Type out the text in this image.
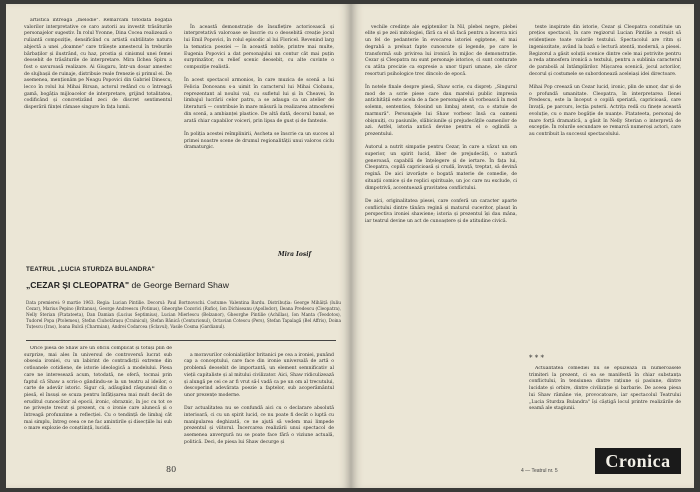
artistică întreaga „melodie". Remarcăm totodată bogăția valorilor interpretative ce caro autorii au investit trăsăturile personajelor sugestiv. În rolul Yvonne, Dina Cocea realizează o ruliantă compoziție, densificând cu artistă subtilitate natura abjectă a unei „doamne" care trăiește amestecul în treburile bărbaților și ilustrând, cu haz, prostia și cinismul unei femei deosebit de trăsăturile de interpretare. Mira Ilchea Spiru a fost o savuroasă realizare. Ai Giugaru, într-un dosar amestec de slujbașii de ruinaje, distribuie reale frenezie și primul ei. De asemenea, menționăm pe Neagu Popovici din Gabriel Dinescu, lecco în rolul lui Mihai Birsan, actorul redând cu o întreagă gamă, bogăția mijloacelor de interpretare, grijind totalitatea, codificând și concretizând zeci de discret sentimentul disperării ființei rămase singure în fața lumii.

În această demonstrație de însuflețire actoricească și interpretativă valoroase se înscrie cu o deosebită creație jocul lui Emil Popovici, în rolul episodic al lui Floricel. Revenind larg la tematica poeziei — în această noble, printre mai multe, Eugenia Popovici a dat personajului un contur cât mai puțin surprinzător, cu relief scenic deosebit, cu alte cuvinte o compoziție realistă.

În acest spectacol armonios, în care muzica de scenă a lui Felicia Donceanu s-a uimit în caracterul lui Mihai Ciobanu, reprezentant al noului val, cu sufletul lui și în Cheavei, în limbajul lucrării celor patru, a se adauga ca un atelier de literatură — contribuie în mare măsură la realizarea atmosferei din scenă, a ambianței plastice. De altă dată, decorul banal, se arată chiar capabilor voiceri, prin lipsa de gust și de fantezie.

În poliția acestei reîmplinirii, Ascheta se înscrie ca un succes al primei noastre scene de drumul regionalității unui valoros ciclu dramaturgic.

Mira Iosif
TEATRUL „LUCIA STURDZA BULANDRA"
„CEZAR ȘI CLEOPATRA" de George Bernard Shaw
Data premierei: 9 martie 1963. Regia: Lucian Pintilie. Decorul: Paul Bortnovschi. Costume: Valentina Bardu. Distribuția: George Mihăiță (Iuliu Cezar), Marius Pepino (Britanus), George Andreescu (Potinus), Gheorghe Cozorici (Rufio), Ion Dichiseanu (Apollodor), Ileana Predescu (Cleopatra), Nelly Sterian (Ftatateeta), Dan Damian (Lucius Septimius), Lucian Mierlescu (Belzanor), Gheorghe Pintilie (Achillas), Ion Manta (Teodotos), Tudorel Popa (Ptolemeu), Ștefan Ciubotărașu (Crainicul), Ștefan Bănică (Centurionul), Octavian Cotescu (Pers), Ștefan Tapalagă (Bel Affris), Doina Tuțescu (Iras), Ioana Bulcă (Charmian), Andrei Codarcea (Sclavul), Vasile Cosma (Gardianul).

Orice piesă de Shaw are un oficiu complicat și totuși plin de surprize, mai ales în universul de controversă lucrat sub obsesia ironiei, cu un labirint de contradicții extreme din cotloanele cotidiene, de istorie ideologică a modelului. Piesa care ne interesează acum, totodată, ne oferă, tocmai prin faptul că Shaw a scris-o gândindu-se la un teatru al ideilor, o carte de adevăr istoric. Sigur că, adăugând răspunsul din o piesă, el însuși se scuza pentru înfățișarea mai mult decât de eruditul cunoscător al epocii, ironic, obraznic, în joc cu tot ce ne privește trecut și prezent, cu o ironie care alunecă și o întreagă profunzime a reflecției. Cu o tendință de limbaj cât mai simplu, întreg ceea ce ne fac amintirile și disecțiile lui sub o mare explozie de conștiință, lucidă.

a moravurilor colonialiștilor britanici pe cea a ironiei, punând cap a conceptului, care face din ironie universală de artă o problemă deosebit de importantă, un element semnificativ al vieții capitaliste și al mitului civilizator. Aici, Shaw ridiculizează și alungă pe cei ce ar fi vrut să-l vadă ca pe un om al trecutului, descoperind adevărata poezie a faptelor, sub acoperământul unor prezențe moderne.

Dar actualitatea nu se confundă aici cu o declarare absolută interioară, ci cu un spirit lucid, ce nu poate fi decât o luptă cu manipularea deghizată, ce ne ajută să vedem mai limpede prezentul și viitorul. Încercarea realizării unui spectacol de asemenea anvergură nu se poate face fără o viziune actuală, politică. Deci, de piesa lui Shaw decurge și

80

vechile credințe ale egiptenilor în Nil, plebei negre, plebei elite și pe zeii mitologiei, fără ca el să facă pentru a încerca nici un fel de pedanterie în evocarea istoriei egiptene, el mai degrabă a preluat fapte cunoscute și legende, pe care le transformă sub privirea lui ironică în mijloc de demonstrație. Cezar și Cleopatra nu sunt personaje istorice, ci sunt conturate cu atâta precizie ca expresie a unor tipuri umane, ale căror resorturi psihologice trec dincolo de epocă.

În notele finale despre piesă, Shaw scrie, cu dispreț: „Singurul mod de a scrie piese care dau marelui public impresia antichității este acela de a face personajele să vorbească în mod solemn, sententios, folosind un limbaj atent, ca o statuie de marmură". Personajele lui Shaw vorbesc însă ca oameni obișnuiți, cu pasiunile, slăbiciunile și prejudecățile oamenilor de azi. Astfel, istoria antică devine pentru el o oglindă a prezentului.

Autorul a nutrit simpatie pentru Cezar, în care a văzut un om superior, un spirit lucid, liber de prejudecăți, o natură generoasă, capabilă de înțelegere și de iertare. În fața lui, Cleopatra, copilă capricioasă și crudă, învață, treptat, să devină regină. De aici izvorăște o bogată materie de comedie, de situații comice și de replici spirituale, un joc care nu exclude, ci dimpotrivă, accentuează gravitatea conflictului.

De aici, originalitatea piesei, care conferă un caracter aparte conflictului dintre tânăra regină și maturul cuceritor, plasat în perspectiva ironiei shawiene; istoria și prezentul își dau mâna, iar teatrul devine un act de cunoaștere și de atitudine civică.

texte inspirate din istorie, Cezar și Cleopatra constituie un prețios spectacol, în care regizorul Lucian Pintilie a reușit să evidențieze toate valorile textului. Spectacolul are ritm și ingeniozitate, având la bază o lectură atentă, modernă, a piesei. Regizorul a găsit soluții scenice dintre cele mai potrivite pentru a reda atmosfera ironică a textului, pentru a sublinia caracterul de parabolă al întâmplărilor. Mișcarea scenică, jocul actorilor, decorul și costumele se subordonează aceleiași idei directoare.

Mihai Pop creează un Cezar lucid, ironic, plin de umor, dar și de o profundă umanitate. Cleopatra, în interpretarea Ilenei Predescu, este la început o copilă speriată, capricioasă, care învață, pe parcurs, lecția puterii. Actrița redă cu finețe această evoluție, cu o mare bogăție de nuanțe. Ftatateeta, personaj de mare forță dramatică, a găsit în Nelly Sterian o interpretă de excepție. În rolurile secundare se remarcă numeroși actori, care au contribuit la succesul spectacolului.

* * *

Actualitatea comediei nu se epuizează în numeroasele trimiteri la prezent, ci ea se manifestă în chiar substanța conflictului, în tensiunea dintre rațiune și pasiune, dintre lucidate și orbire, dintre civilizație și barbarie. De aceea piesa lui Shaw rămâne vie, provocatoare, iar spectacolul Teatrului „Lucia Sturdza Bulandra" își câștigă locul printre realizările de seamă ale stagiunii.

4 — Teatrul nr. 5	Cronica
